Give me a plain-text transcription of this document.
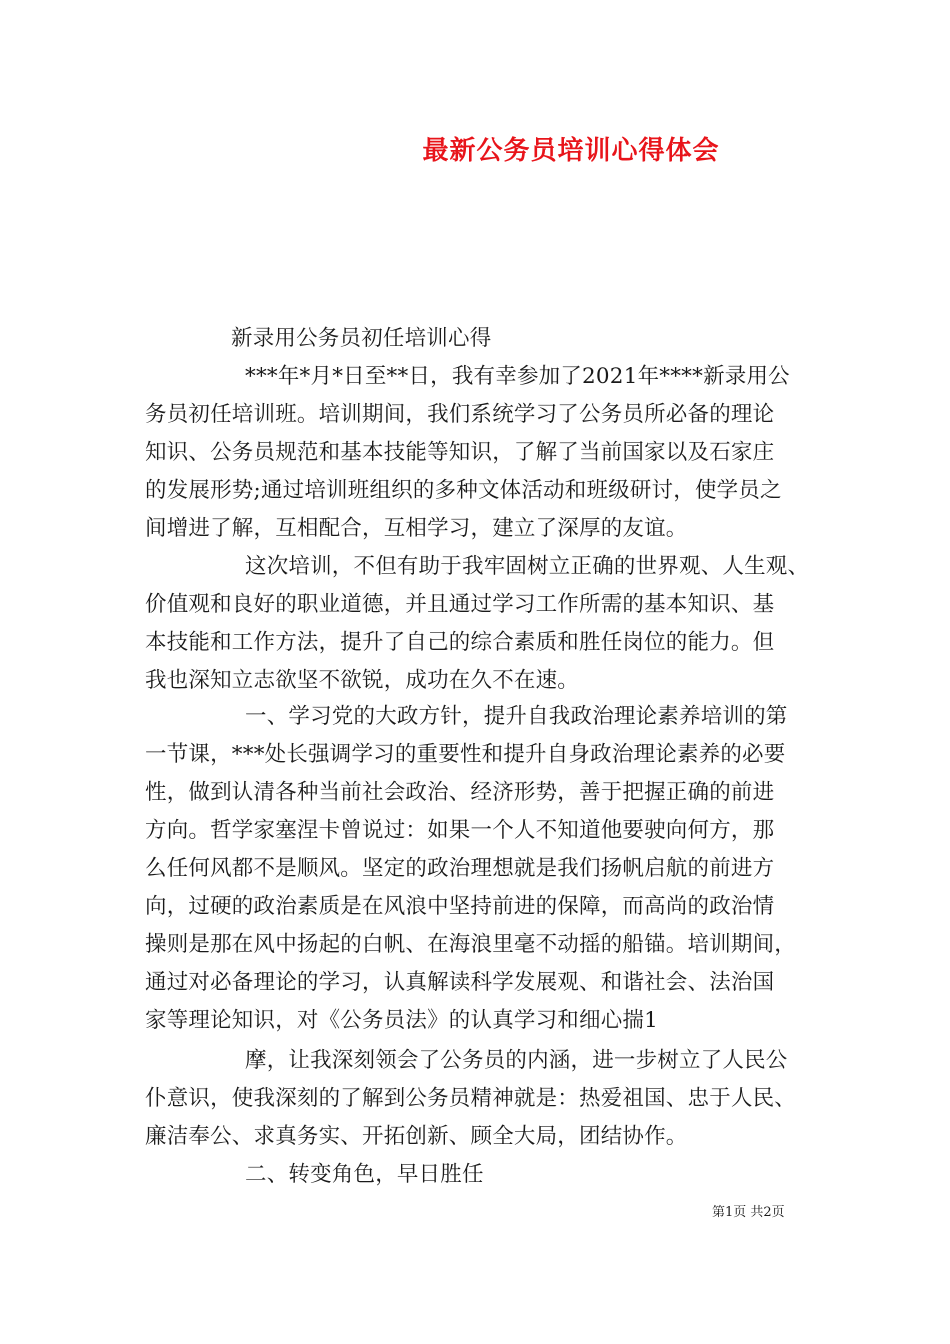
最新公务员培训心得体会
新录用公务员初任培训心得
***年*月*日至**日，我有幸参加了2021年****新录用公
务员初任培训班。培训期间，我们系统学习了公务员所必备的理论
知识、公务员规范和基本技能等知识，了解了当前国家以及石家庄
的发展形势;通过培训班组织的多种文体活动和班级研讨，使学员之
间增进了解，互相配合，互相学习，建立了深厚的友谊。
这次培训，不但有助于我牢固树立正确的世界观、人生观、
价值观和良好的职业道德，并且通过学习工作所需的基本知识、基
本技能和工作方法，提升了自己的综合素质和胜任岗位的能力。但
我也深知立志欲坚不欲锐，成功在久不在速。
一、学习党的大政方针，提升自我政治理论素养培训的第
一节课，***处长强调学习的重要性和提升自身政治理论素养的必要
性，做到认清各种当前社会政治、经济形势，善于把握正确的前进
方向。哲学家塞涅卡曾说过：如果一个人不知道他要驶向何方，那
么任何风都不是顺风。坚定的政治理想就是我们扬帆启航的前进方
向，过硬的政治素质是在风浪中坚持前进的保障，而高尚的政治情
操则是那在风中扬起的白帆、在海浪里毫不动摇的船锚。培训期间，
通过对必备理论的学习，认真解读科学发展观、和谐社会、法治国
家等理论知识，对《公务员法》的认真学习和细心揣1
摩，让我深刻领会了公务员的内涵，进一步树立了人民公
仆意识，使我深刻的了解到公务员精神就是：热爱祖国、忠于人民、
廉洁奉公、求真务实、开拓创新、顾全大局，团结协作。
二、转变角色，早日胜任
第1页 共2页
